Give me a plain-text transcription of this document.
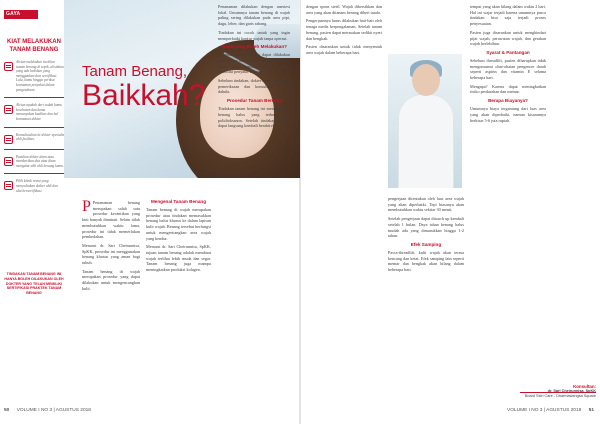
GAYA HIDUP
KIAT MELAKUKAN TANAM BENANG
Alvian melakukan itu dilan tanam benang di sopik, alisinkan yang ada kedokan yang menggunkan dari sertifikasi. Lalu, kamu hingga periksa keamanan penyukai dalam pengetahuan
Alvian apakah dari sudah kamu kesehatan dan kamu menanyakan kualitas dan hal keamanan dokter.
Konsultasikan ke dokter spesialis ahli fasilitas.
Pastikan dokter diam atau memberikan dua atau diam mengatur ahli ahli benang kamu.
Pilih klinik resmi yang menyediakan dokter ahli dan alat bersertifikasi.
TINDAKAN TANAM BENANG INI HANYA BOLEH DILAKUKAN OLEH DOKTER YANG TELAH MEMILIKI SERTIFIKASI PRAKTEK TANAM BENANG
Tanam Benang,
Baikkah?

P Penanaman benang merupakan salah satu prosedur kecantikan yang kini banyak diminati. Selain tidak membutuhkan waktu lama, prosedur ini tidak memerlukan pembedahan.

Menurut dr. Sari Cheirunnisa, SpKK, prosedur ini menggunakan benang khusus yang aman bagi tubuh.

Tanam benang di wajah merupakan prosedur yang dapat dilakukan untuk mengencangkan kulit.

Mengenal Tanam Benang

Tanam benang di wajah merupakan prosedur atau tindakan memasukkan benang halus khusus ke dalam lapisan kulit wajah. Benang tersebut berfungsi untuk mengencangkan area wajah yang kendur.

Menurut dr. Sari Cheirunnisa, SpKK, tujuan tanam benang adalah membuat wajah terlihat lebih muda dan segar. Tanam benang juga mampu meningkatkan produksi kolagen.

Penanaman dilakukan dengan anestesi lokal. Umumnya tanam benang di wajah paling sering dilakukan pada area pipi, dagu, leher, dan garis rahang.

Tindakan ini cocok untuk yang ingin memperbaiki kontur wajah tanpa operasi.

Siapa yang Boleh Melakukan?

Prosedur tanam benang dapat dilakukan pada pasien usia dewasa. Selain itu, pasien harus dalam kondisi sehat dan tidak memiliki penyakit tertentu.

Sebelum tindakan, dokter akan melakukan pemeriksaan dan konsultasi terlebih dahulu.

Prosedur Tanam Benang

Tindakan tanam benang ini menggunakan benang halus yang terbuat dari polidioksanon. Setelah tindakan, pasien dapat langsung kembali beraktivitas.

dengan spons steril. Wajah dibersihkan dan area yang akan ditanam benang diberi tanda.

Pengerjaannya harus dilakukan hati-hati oleh tenaga medis berpengalaman. Setelah tanam benang, pasien dapat merasakan sedikit nyeri dan bengkak.

Pasien disarankan untuk tidak menyentuh area wajah dalam beberapa hari.

pengerjaan ditentukan oleh luas area wajah yang akan diperbaiki. Tepi biasanya akan membutuhkan waktu sekitar 30 menit.

Setelah pengerjaan dapat ditouch up kembali setelah 1 bulan. Daya tahan benang halus mudah ada yang dimasukkan hingga 1-2 tahun.

Efek Samping

Pasca-threadlift, kulit wajah akan terasa kencang dan ketat. Efek samping lain seperti memar dan bengkak akan hilang dalam beberapa hari.

tempat yang akan hilang dalam waktu 2 hari. Hal ini wajar terjadi karena umumnya pasca tindakan bisa saja terjadi proses penyesuaian.

Pasien juga disarankan untuk menghindari pijat wajah, perawatan wajah, dan gerakan wajah berlebihan.

Syarat & Pantangan

Sebelum threadlift, pasien diharapkan tidak mengonsumsi obat-obatan pengencer darah seperti aspirin dan vitamin E selama beberapa hari.

Mengapa? Karena dapat meningkatkan risiko perdarahan dan memar.

Berapa Biayanya?

Umumnya biaya tergantung dari luas area yang akan diperbaiki, namun kisarannya berkisar 5-6 juta rupiah.

Konsultan:
dr. Sari Cheirunnisa, SpKK
Board Skin Care - Dharmawangsa Square
50 VOLUME I NO 3 | AGUSTUS 2018	VOLUME I NO 3 | AGUSTUS 2018 51
